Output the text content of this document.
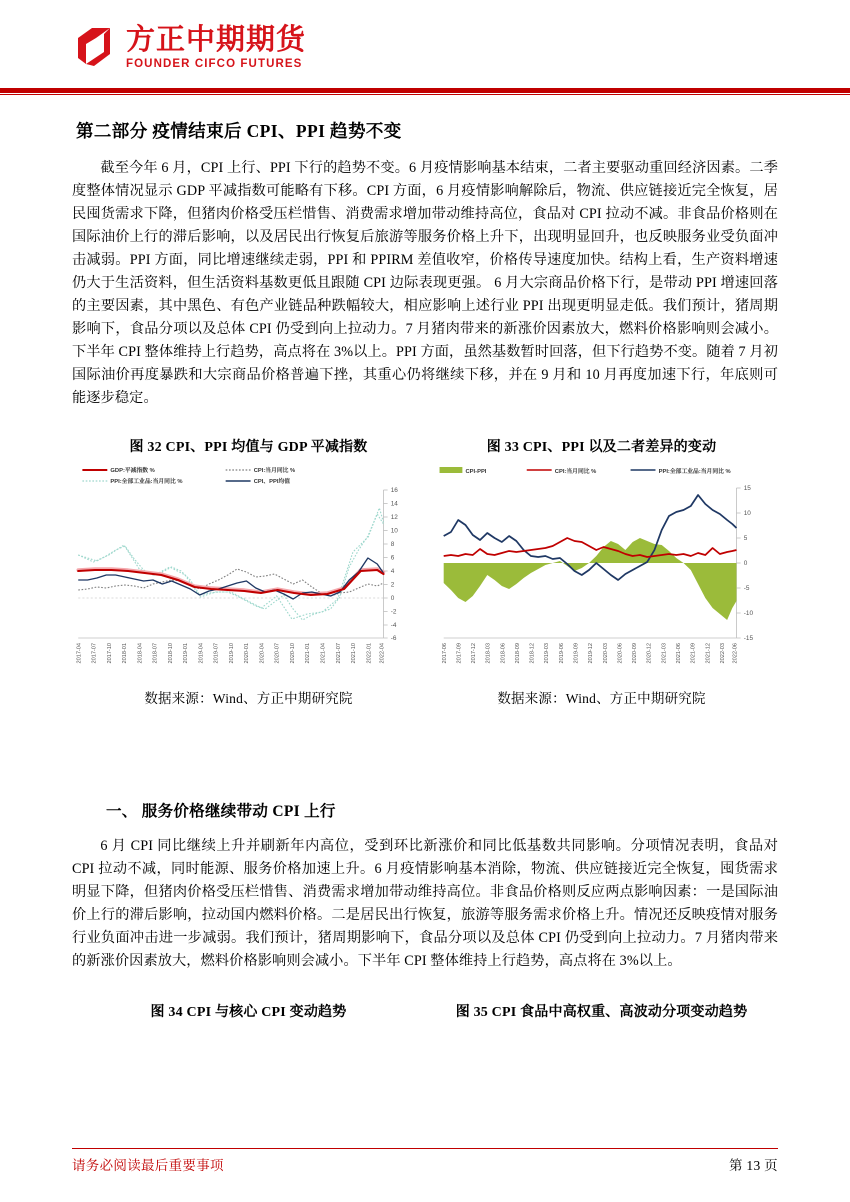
方正中期期货
FOUNDER CIFCO FUTURES
第二部分 疫情结束后 CPI、PPI 趋势不变

截至今年 6 月，CPI 上行、PPI 下行的趋势不变。6 月疫情影响基本结束，二者主要驱动重回经济因素。二季度整体情况显示 GDP 平减指数可能略有下移。CPI 方面，6 月疫情影响解除后，物流、供应链接近完全恢复，居民囤货需求下降，但猪肉价格受压栏惜售、消费需求增加带动维持高位，食品对 CPI 拉动不减。非食品价格则在国际油价上行的滞后影响，以及居民出行恢复后旅游等服务价格上升下，出现明显回升，也反映服务业受负面冲击减弱。PPI 方面，同比增速继续走弱，PPI 和 PPIRM 差值收窄，价格传导速度加快。结构上看，生产资料增速仍大于生活资料，但生活资料基数更低且跟随 CPI 边际表现更强。 6 月大宗商品价格下行，是带动 PPI 增速回落的主要因素，其中黑色、有色产业链品种跌幅较大，相应影响上述行业 PPI 出现更明显走低。我们预计，猪周期影响下，食品分项以及总体 CPI 仍受到向上拉动力。7 月猪肉带来的新涨价因素放大，燃料价格影响则会减小。下半年 CPI 整体维持上行趋势，高点将在 3%以上。PPI 方面，虽然基数暂时回落，但下行趋势不变。随着 7 月初国际油价再度暴跌和大宗商品价格普遍下挫，其重心仍将继续下移，并在 9 月和 10 月再度加速下行，年底则可能逐步稳定。

图 32 CPI、PPI 均值与 GDP 平减指数
GDP:平减指数 %	CPI:当月同比 %
PPI:全部工业品:当月同比 %	CPI、PPI均值
16
14
12
10
8
6
4
2
0
-2
-4
-6
2017-04 2017-07 2017-10 2018-01 2018-04 2018-07 2018-10 2019-01 2019-04 2019-07 2019-10 2020-01 2020-04 2020-07 2020-10 2021-01 2021-04 2021-07 2021-10 2022-01 2022-04
数据来源：Wind、方正中期研究院
图 33 CPI、PPI 以及二者差异的变动
CPI-PPI	CPI:当月同比 %	PPI:全部工业品:当月同比 %
15
10
5
0
-5
-10
-15
2017-06 2017-09 2017-12 2018-03 2018-06 2018-09 2018-12 2019-03 2019-06 2019-09 2019-12 2020-03 2020-06 2020-09 2020-12 2021-03 2021-06 2021-09 2021-12 2022-03 2022-06
数据来源：Wind、方正中期研究院
一、 服务价格继续带动 CPI 上行

6 月 CPI 同比继续上升并刷新年内高位，受到环比新涨价和同比低基数共同影响。分项情况表明，食品对 CPI 拉动不减，同时能源、服务价格加速上升。6 月疫情影响基本消除，物流、供应链接近完全恢复，囤货需求明显下降，但猪肉价格受压栏惜售、消费需求增加带动维持高位。非食品价格则反应两点影响因素：一是国际油价上行的滞后影响，拉动国内燃料价格。二是居民出行恢复，旅游等服务需求价格上升。情况还反映疫情对服务行业负面冲击进一步减弱。我们预计，猪周期影响下，食品分项以及总体 CPI 仍受到向上拉动力。7 月猪肉带来的新涨价因素放大，燃料价格影响则会减小。下半年 CPI 整体维持上行趋势，高点将在 3%以上。

图 34 CPI 与核心 CPI 变动趋势	图 35 CPI 食品中高权重、高波动分项变动趋势
请务必阅读最后重要事项	第 13 页
